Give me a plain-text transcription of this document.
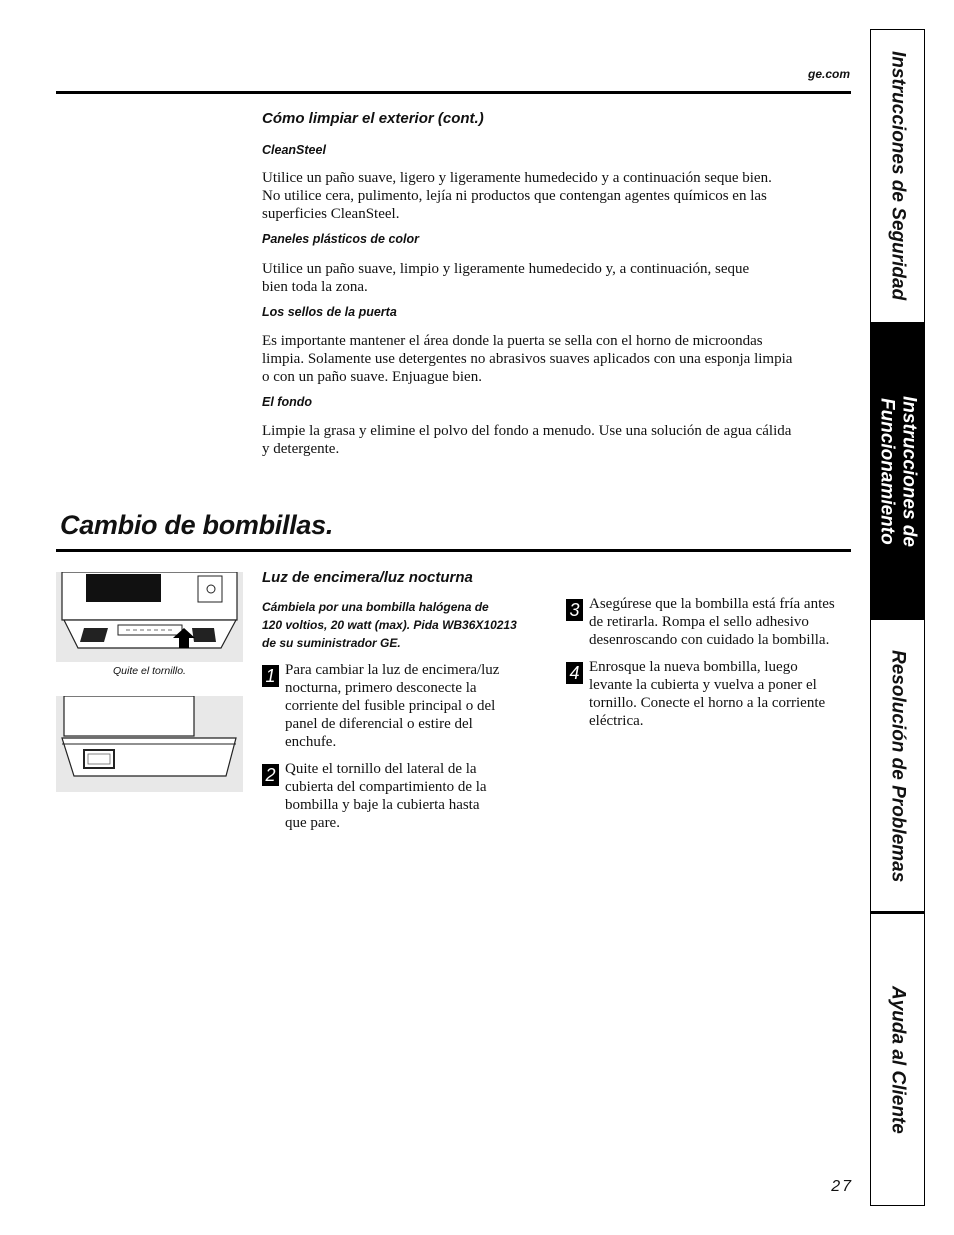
ge.com
Cómo limpiar el exterior (cont.)
CleanSteel
Utilice un paño suave, ligero y ligeramente humedecido y a continuación seque bien.
No utilice cera, pulimento, lejía ni productos que contengan agentes químicos en las
superficies CleanSteel.
Paneles plásticos de color
Utilice un paño suave, limpio y ligeramente humedecido y, a continuación, seque
bien toda la zona.
Los sellos de la puerta
Es importante mantener el área donde la puerta se sella con el horno de microondas
limpia. Solamente use detergentes no abrasivos suaves aplicados con una esponja limpia
o con un paño suave. Enjuague bien.
El fondo
Limpie la grasa y elimine el polvo del fondo a menudo. Use una solución de agua cálida
y detergente.
Cambio de bombillas.
Quite el tornillo.
Luz de encimera/luz nocturna
Cámbiela por una bombilla halógena de
120 voltios, 20 watt (max). Pida WB36X10213
de su suministrador GE.
1 Para cambiar la luz de encimera/luz
nocturna, primero desconecte la
corriente del fusible principal o del
panel de diferencial o estire del
enchufe.
2 Quite el tornillo del lateral de la
cubierta del compartimiento de la
bombilla y baje la cubierta hasta
que pare.
3 Asegúrese que la bombilla está fría antes
de retirarla. Rompa el sello adhesivo
desenroscando con cuidado la bombilla.
4 Enrosque la nueva bombilla, luego
levante la cubierta y vuelva a poner el
tornillo. Conecte el horno a la corriente
eléctrica.
27
Instrucciones de Seguridad
Instrucciones de
Funcionamiento
Resolución de Problemas
Ayuda al Cliente
